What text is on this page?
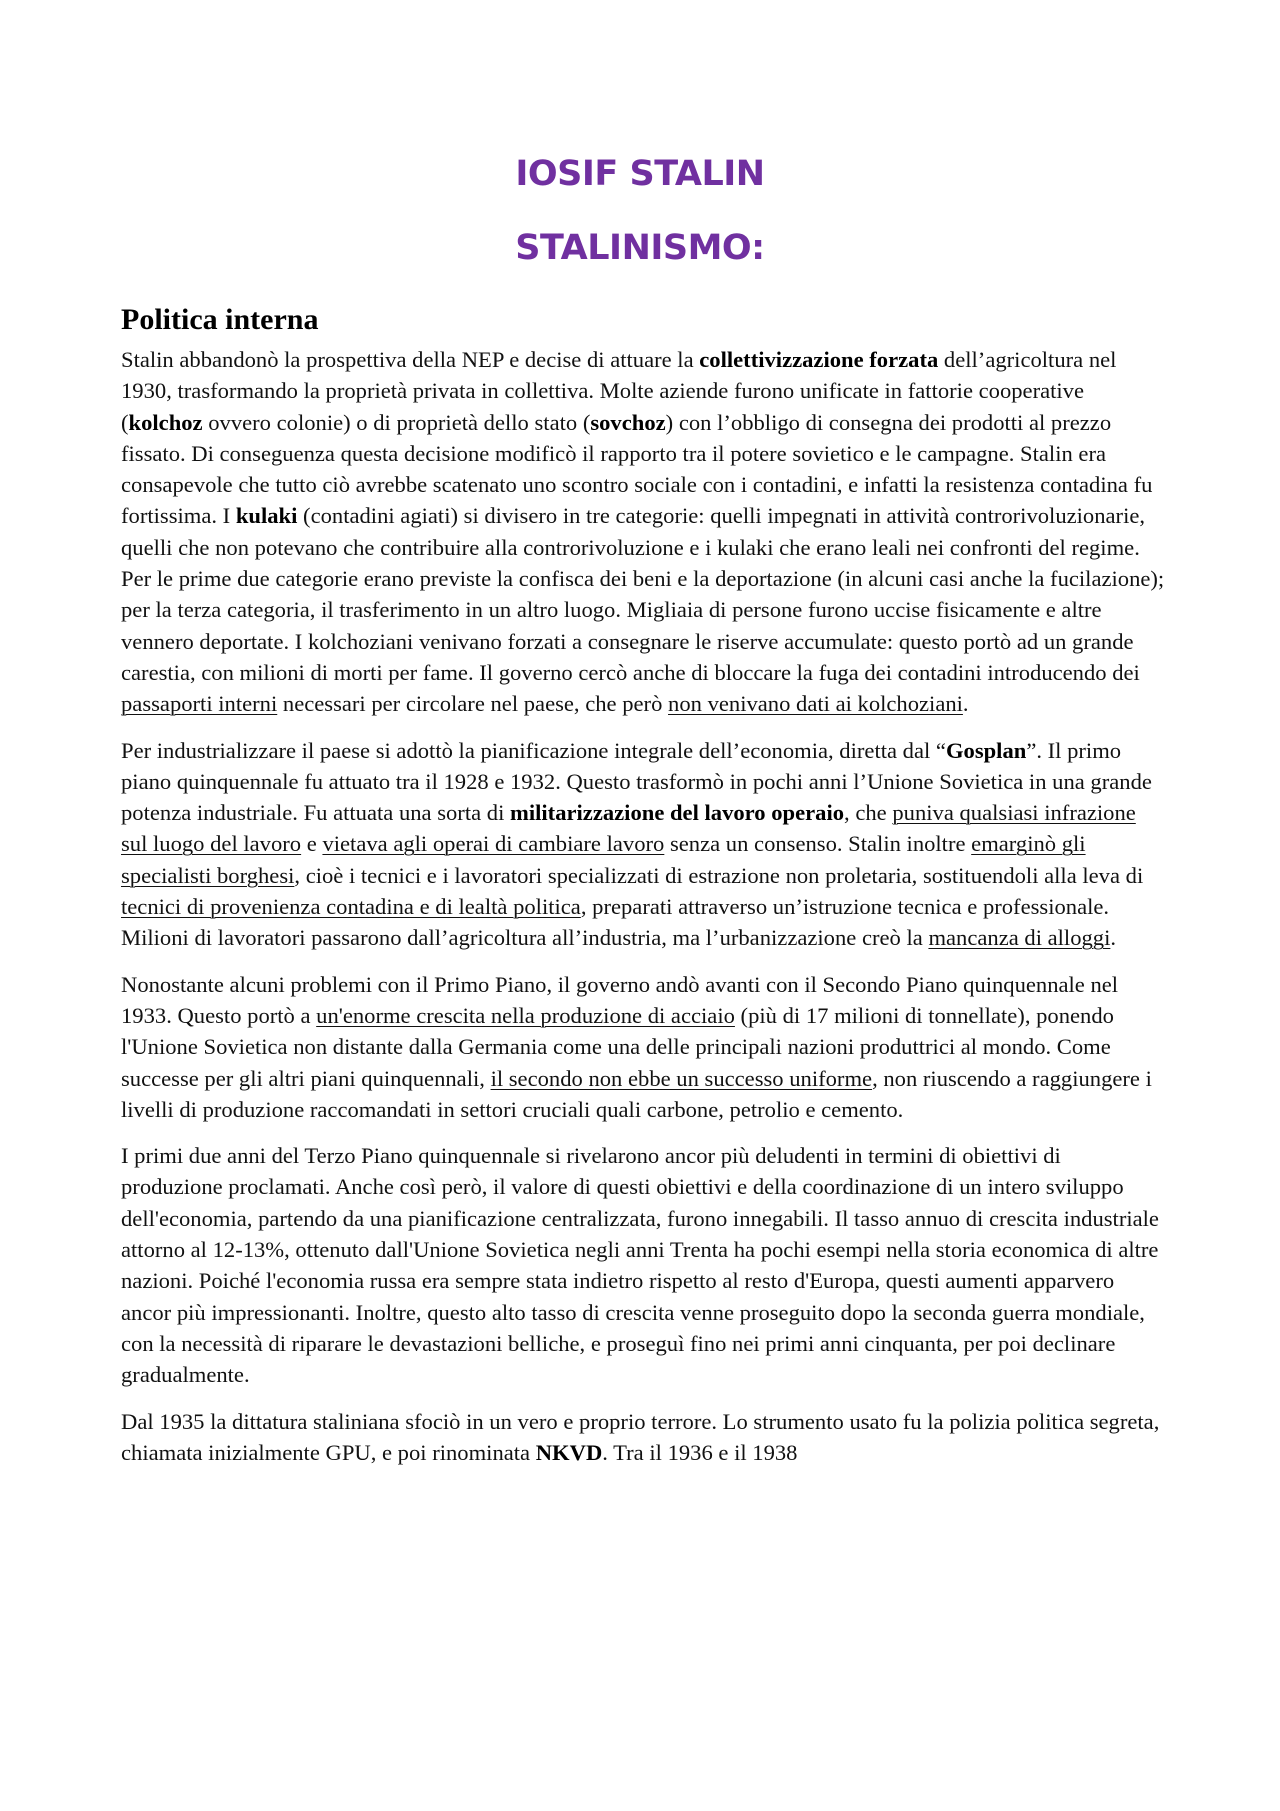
IOSIF STALIN
STALINISMO:
Politica interna

Stalin abbandonò la prospettiva della NEP e decise di attuare la collettivizzazione forzata dell’agricoltura nel 1930, trasformando la proprietà privata in collettiva. Molte aziende furono unificate in fattorie cooperative (kolchoz ovvero colonie) o di proprietà dello stato (sovchoz) con l’obbligo di consegna dei prodotti al prezzo fissato. Di conseguenza questa decisione modificò il rapporto tra il potere sovietico e le campagne. Stalin era consapevole che tutto ciò avrebbe scatenato uno scontro sociale con i contadini, e infatti la resistenza contadina fu fortissima. I kulaki (contadini agiati) si divisero in tre categorie: quelli impegnati in attività controrivoluzionarie, quelli che non potevano che contribuire alla controrivoluzione e i kulaki che erano leali nei confronti del regime. Per le prime due categorie erano previste la confisca dei beni e la deportazione (in alcuni casi anche la fucilazione); per la terza categoria, il trasferimento in un altro luogo. Migliaia di persone furono uccise fisicamente e altre vennero deportate. I kolchoziani venivano forzati a consegnare le riserve accumulate: questo portò ad un grande carestia, con milioni di morti per fame. Il governo cercò anche di bloccare la fuga dei contadini introducendo dei passaporti interni necessari per circolare nel paese, che però non venivano dati ai kolchoziani.

Per industrializzare il paese si adottò la pianificazione integrale dell’economia, diretta dal “Gosplan”. Il primo piano quinquennale fu attuato tra il 1928 e 1932. Questo trasformò in pochi anni l’Unione Sovietica in una grande potenza industriale. Fu attuata una sorta di militarizzazione del lavoro operaio, che puniva qualsiasi infrazione sul luogo del lavoro e vietava agli operai di cambiare lavoro senza un consenso. Stalin inoltre emarginò gli specialisti borghesi, cioè i tecnici e i lavoratori specializzati di estrazione non proletaria, sostituendoli alla leva di tecnici di provenienza contadina e di lealtà politica, preparati attraverso un’istruzione tecnica e professionale. Milioni di lavoratori passarono dall’agricoltura all’industria, ma l’urbanizzazione creò la mancanza di alloggi.

Nonostante alcuni problemi con il Primo Piano, il governo andò avanti con il Secondo Piano quinquennale nel 1933. Questo portò a un'enorme crescita nella produzione di acciaio (più di 17 milioni di tonnellate), ponendo l'Unione Sovietica non distante dalla Germania come una delle principali nazioni produttrici al mondo. Come successe per gli altri piani quinquennali, il secondo non ebbe un successo uniforme, non riuscendo a raggiungere i livelli di produzione raccomandati in settori cruciali quali carbone, petrolio e cemento.

I primi due anni del Terzo Piano quinquennale si rivelarono ancor più deludenti in termini di obiettivi di produzione proclamati. Anche così però, il valore di questi obiettivi e della coordinazione di un intero sviluppo dell'economia, partendo da una pianificazione centralizzata, furono innegabili. Il tasso annuo di crescita industriale attorno al 12-13%, ottenuto dall'Unione Sovietica negli anni Trenta ha pochi esempi nella storia economica di altre nazioni. Poiché l'economia russa era sempre stata indietro rispetto al resto d'Europa, questi aumenti apparvero ancor più impressionanti. Inoltre, questo alto tasso di crescita venne proseguito dopo la seconda guerra mondiale, con la necessità di riparare le devastazioni belliche, e proseguì fino nei primi anni cinquanta, per poi declinare gradualmente.

Dal 1935 la dittatura staliniana sfociò in un vero e proprio terrore. Lo strumento usato fu la polizia politica segreta, chiamata inizialmente GPU, e poi rinominata NKVD. Tra il 1936 e il 1938
